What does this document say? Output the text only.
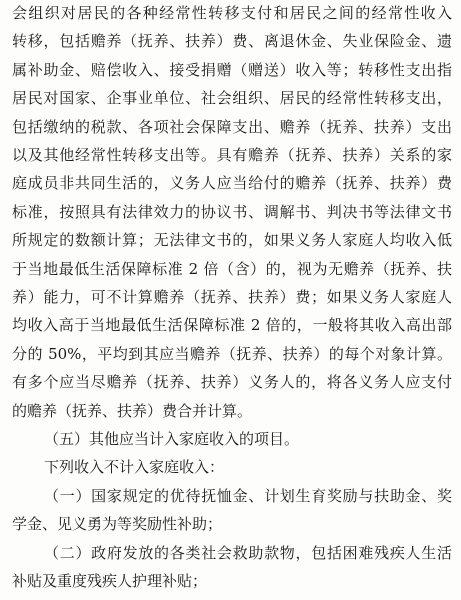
会组织对居民的各种经常性转移支付和居民之间的经常性收入
转移，包括赡养（抚养、扶养）费、离退休金、失业保险金、遗
属补助金、赔偿收入、接受捐赠（赠送）收入等；转移性支出指
居民对国家、企事业单位、社会组织、居民的经常性转移支出，
包括缴纳的税款、各项社会保障支出、赡养（抚养、扶养）支出
以及其他经常性转移支出等。具有赡养（抚养、扶养）关系的家
庭成员非共同生活的，义务人应当给付的赡养（抚养、扶养）费
标准，按照具有法律效力的协议书、调解书、判决书等法律文书
所规定的数额计算；无法律文书的，如果义务人家庭人均收入低
于当地最低生活保障标准 2 倍（含）的，视为无赡养（抚养、扶
养）能力，可不计算赡养（抚养、扶养）费；如果义务人家庭人
均收入高于当地最低生活保障标准 2 倍的，一般将其收入高出部
分的 50%，平均到其应当赡养（抚养、扶养）的每个对象计算。
有多个应当尽赡养（抚养、扶养）义务人的，将各义务人应支付
的赡养（抚养、扶养）费合并计算。
（五）其他应当计入家庭收入的项目。
下列收入不计入家庭收入：
（一）国家规定的优待抚恤金、计划生育奖励与扶助金、奖
学金、见义勇为等奖励性补助；
（二）政府发放的各类社会救助款物，包括困难残疾人生活
补贴及重度残疾人护理补贴；
